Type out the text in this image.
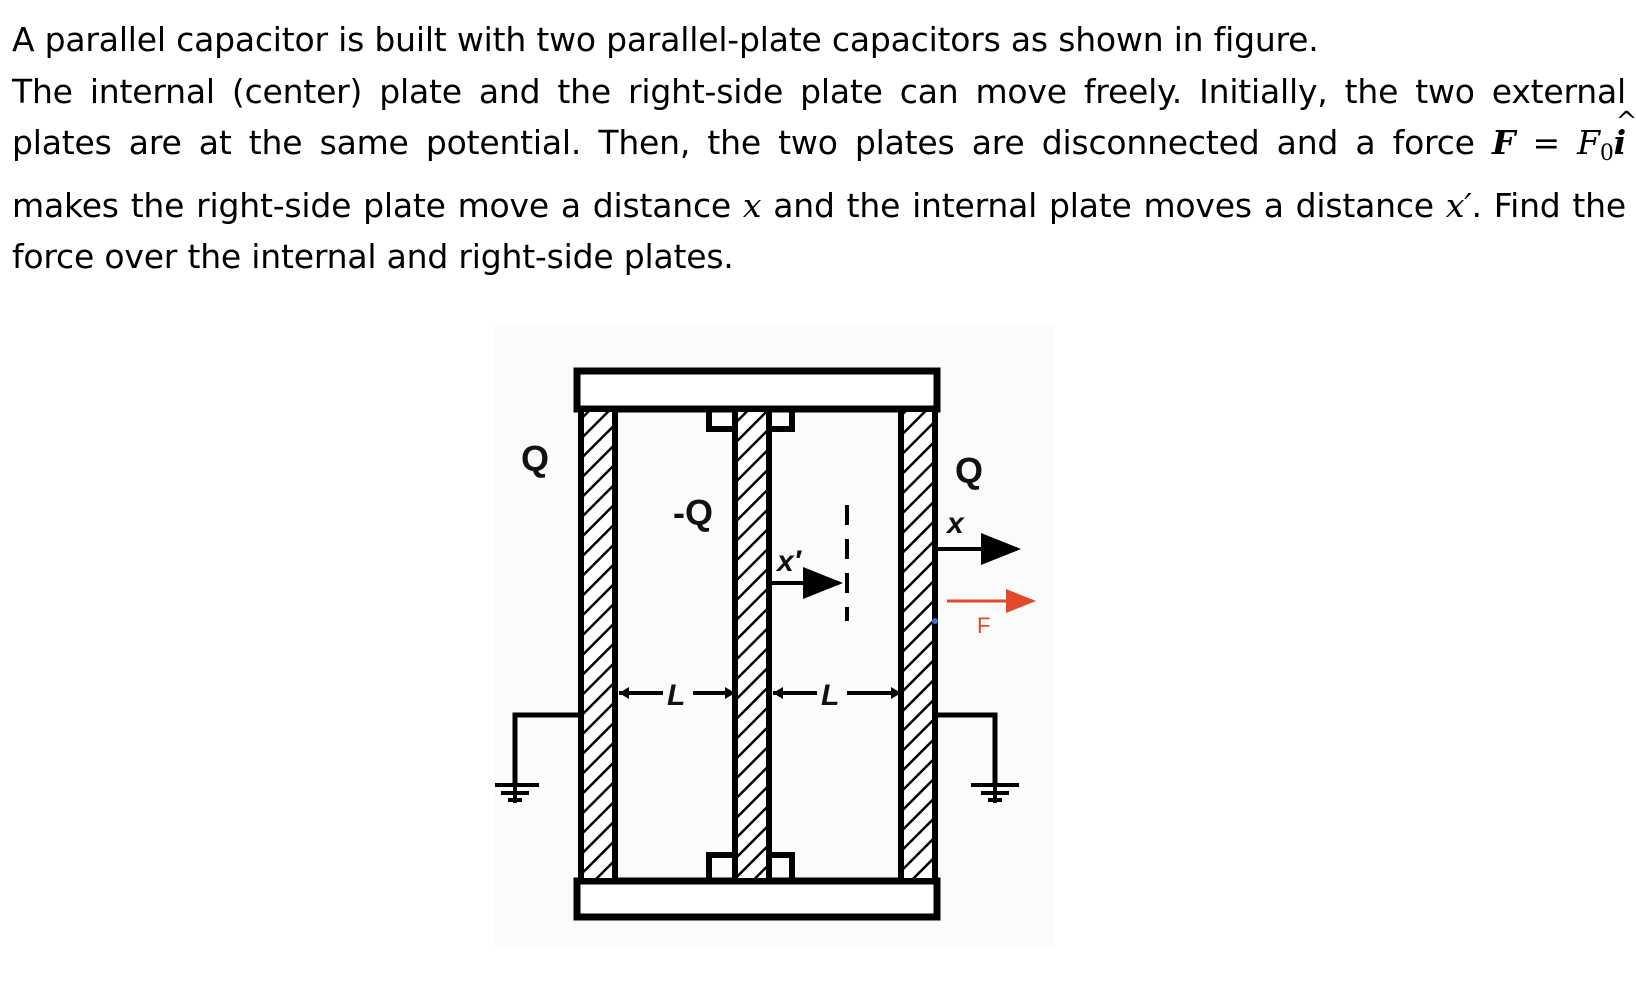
A parallel capacitor is built with two parallel-plate capacitors as shown in figure.

The internal (center) plate and the right-side plate can move freely. Initially, the two external

plates are at the same potential. Then, the two plates are disconnected and a force $F = F_0\^{}$ i

makes the right-side plate move a distance x and the internal plate moves a distance x′. Find the

force over the internal and right-side plates.

L	L
x′
x
F
Q
-Q
Q
